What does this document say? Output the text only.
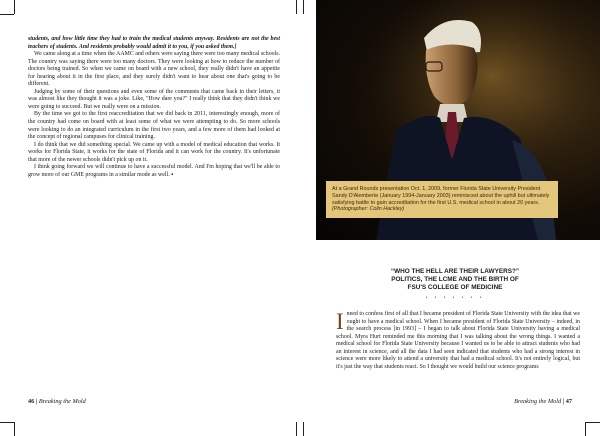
students, and how little time they had to train the medical students anyway. Residents are not the best teachers of students. And residents probably would admit it to you, if you asked them.]

We came along at a time when the AAMC and others were saying there were too many medical schools. The country was saying there were too many doctors. They were looking at how to reduce the number of doctors being trained. So when we came on board with a new school, they really didn't have an appetite for hearing about it in the first place, and they surely didn't want to hear about one that's going to be different.

Judging by some of their questions and even some of the comments that came back in their letters, it was almost like they thought it was a joke. Like, "How dare you?" I really think that they didn't think we were going to succeed. But we really were on a mission.

By the time we got to the first reaccreditation that we did back in 2011, interestingly enough, more of the country had come on board with at least some of what we were attempting to do. So more schools were looking to do an integrated curriculum in the first two years, and a few more of them had looked at the concept of regional campuses for clinical training.

I do think that we did something special. We came up with a model of medical education that works. It works for Florida State, it works for the state of Florida and it can work for the country. It's unfortunate that more of the newer schools didn't pick up on it.

I think going forward we will continue to have a successful model. And I'm hoping that we'll be able to grow more of our GME programs in a similar mode as well. ▪

46 | Breaking the Mold
At a Grand Rounds presentation Oct. 1, 2009, former Florida State University President Sandy D'Alemberte (January 1994-January 2003) reminisced about the uphill but ultimately satisfying battle to gain accreditation for the first U.S. medical school in about 20 years. (Photographer: Colin Hackley)
“WHO THE HELL ARE THEIR LAWYERS?”
POLITICS, THE LCME AND THE BIRTH OF
FSU'S COLLEGE OF MEDICINE
• • • • • • •

Ineed to confess first of all that I became president of Florida State University with the idea that we ought to have a medical school. When I became president of Florida State University – indeed, in the search process [in 1993] – I began to talk about Florida State University having a medical school. Myra Hurt reminded me this morning that I was talking about the wrong things. I wanted a medical school for Florida State University because I wanted us to be able to attract students who had an interest in science, and all the data I had seen indicated that students who had a strong interest in science were more likely to attend a university that had a medical school. It's not entirely logical, but it's just the way that students react. So I thought we would build our science programs

Breaking the Mold | 47
